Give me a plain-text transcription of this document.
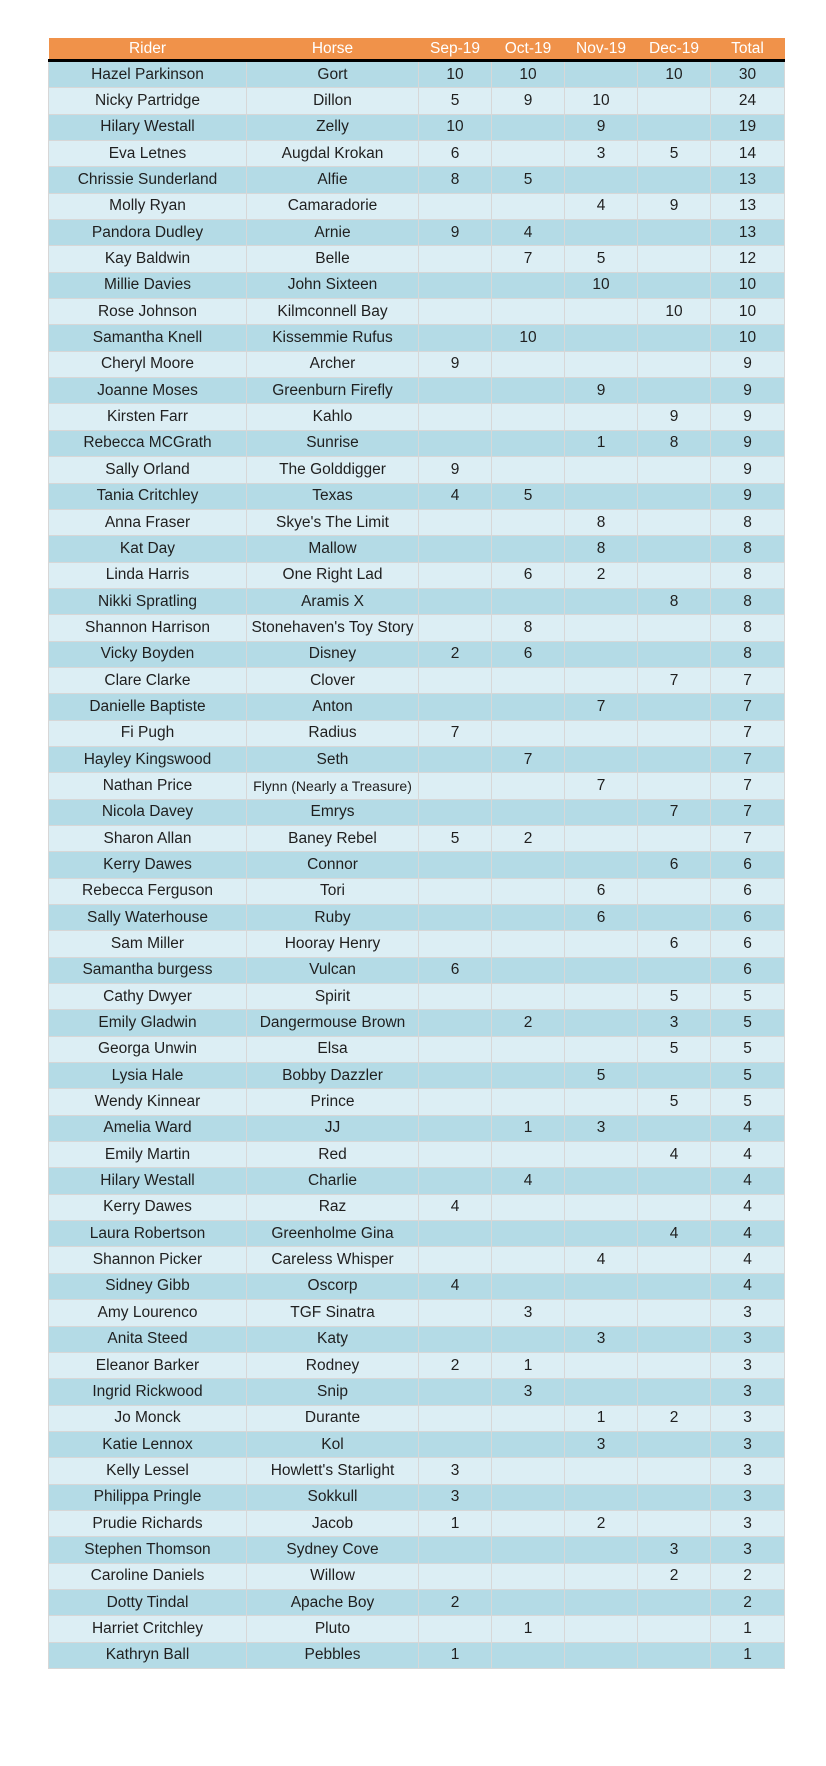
Rider	Horse	Sep-19	Oct-19	Nov-19	Dec-19	Total
Hazel Parkinson	Gort	10	10		10	30
Nicky Partridge	Dillon	5	9	10		24
Hilary Westall	Zelly	10		9		19
Eva Letnes	Augdal Krokan	6		3	5	14
Chrissie Sunderland	Alfie	8	5			13
Molly Ryan	Camaradorie			4	9	13
Pandora Dudley	Arnie	9	4			13
Kay Baldwin	Belle		7	5		12
Millie Davies	John Sixteen			10		10
Rose Johnson	Kilmconnell Bay				10	10
Samantha Knell	Kissemmie Rufus		10			10
Cheryl Moore	Archer	9				9
Joanne Moses	Greenburn Firefly			9		9
Kirsten Farr	Kahlo				9	9
Rebecca MCGrath	Sunrise			1	8	9
Sally Orland	The Golddigger	9				9
Tania Critchley	Texas	4	5			9
Anna Fraser	Skye's The Limit			8		8
Kat Day	Mallow			8		8
Linda Harris	One Right Lad		6	2		8
Nikki Spratling	Aramis X				8	8
Shannon Harrison	Stonehaven's Toy Story		8			8
Vicky Boyden	Disney	2	6			8
Clare Clarke	Clover				7	7
Danielle Baptiste	Anton			7		7
Fi Pugh	Radius	7				7
Hayley Kingswood	Seth		7			7
Nathan Price	Flynn (Nearly a Treasure)			7		7
Nicola Davey	Emrys				7	7
Sharon Allan	Baney Rebel	5	2			7
Kerry Dawes	Connor				6	6
Rebecca Ferguson	Tori			6		6
Sally Waterhouse	Ruby			6		6
Sam Miller	Hooray Henry				6	6
Samantha burgess	Vulcan	6				6
Cathy Dwyer	Spirit				5	5
Emily Gladwin	Dangermouse Brown		2		3	5
Georga Unwin	Elsa				5	5
Lysia Hale	Bobby Dazzler			5		5
Wendy Kinnear	Prince				5	5
Amelia Ward	JJ		1	3		4
Emily Martin	Red				4	4
Hilary Westall	Charlie		4			4
Kerry Dawes	Raz	4				4
Laura Robertson	Greenholme Gina				4	4
Shannon Picker	Careless Whisper			4		4
Sidney Gibb	Oscorp	4				4
Amy Lourenco	TGF Sinatra		3			3
Anita Steed	Katy			3		3
Eleanor Barker	Rodney	2	1			3
Ingrid Rickwood	Snip		3			3
Jo Monck	Durante			1	2	3
Katie Lennox	Kol			3		3
Kelly Lessel	Howlett's Starlight	3				3
Philippa Pringle	Sokkull	3				3
Prudie Richards	Jacob	1		2		3
Stephen Thomson	Sydney Cove				3	3
Caroline Daniels	Willow				2	2
Dotty Tindal	Apache Boy	2				2
Harriet Critchley	Pluto		1			1
Kathryn Ball	Pebbles	1				1
